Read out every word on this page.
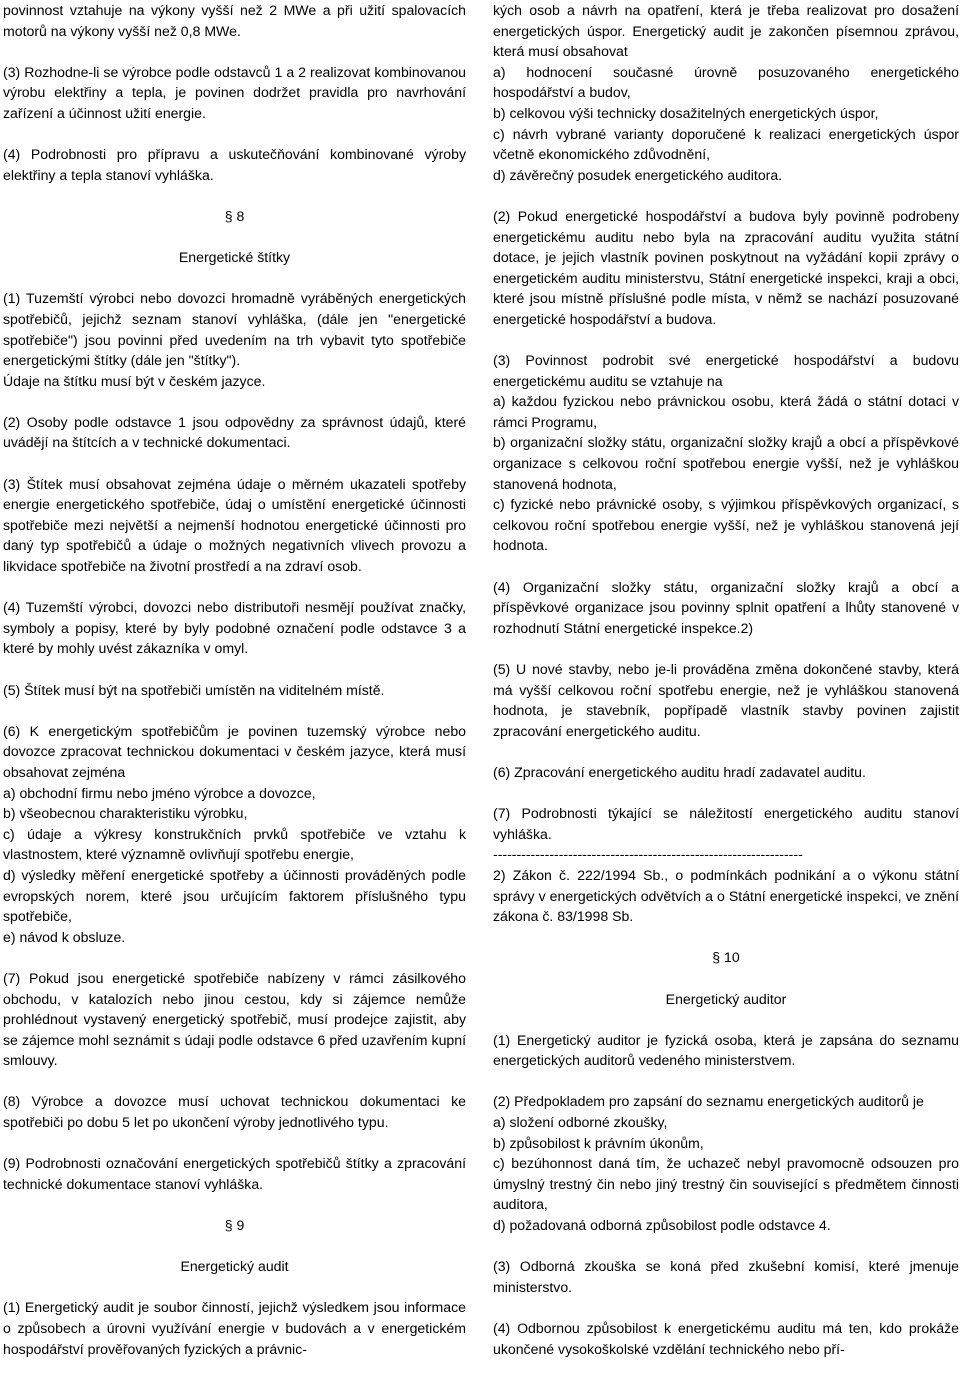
povinnost vztahuje na výkony vyšší než 2 MWe a při užití spalovacích motorů na výkony vyšší než 0,8 MWe.

(3) Rozhodne-li se výrobce podle odstavců 1 a 2 realizovat kombinovanou výrobu elektřiny a tepla, je povinen dodržet pravidla pro navrhování zařízení a účinnost užití energie.

(4) Podrobnosti pro přípravu a uskutečňování kombinované výroby elektřiny a tepla stanoví vyhláška.

§ 8

Energetické štítky

(1) Tuzemští výrobci nebo dovozci hromadně vyráběných energetických spotřebičů, jejichž seznam stanoví vyhláška, (dále jen "energetické spotřebiče") jsou povinni před uvedením na trh vybavit tyto spotřebiče energetickými štítky (dále jen "štítky").

Údaje na štítku musí být v českém jazyce.

(2) Osoby podle odstavce 1 jsou odpovědny za správnost údajů, které uvádějí na štítcích a v technické dokumentaci.

(3) Štítek musí obsahovat zejména údaje o měrném ukazateli spotřeby energie energetického spotřebiče, údaj o umístění energetické účinnosti spotřebiče mezi největší a nejmenší hodnotou energetické účinnosti pro daný typ spotřebičů a údaje o možných negativních vlivech provozu a likvidace spotřebiče na životní prostředí a na zdraví osob.

(4) Tuzemští výrobci, dovozci nebo distributoři nesmějí používat značky, symboly a popisy, které by byly podobné označení podle odstavce 3 a které by mohly uvést zákazníka v omyl.

(5) Štítek musí být na spotřebiči umístěn na viditelném místě.

(6) K energetickým spotřebičům je povinen tuzemský výrobce nebo dovozce zpracovat technickou dokumentaci v českém jazyce, která musí obsahovat zejména

a) obchodní firmu nebo jméno výrobce a dovozce,

b) všeobecnou charakteristiku výrobku,

c) údaje a výkresy konstrukčních prvků spotřebiče ve vztahu k vlastnostem, které významně ovlivňují spotřebu energie,

d) výsledky měření energetické spotřeby a účinnosti prováděných podle evropských norem, které jsou určujícím faktorem příslušného typu spotřebiče,

e) návod k obsluze.

(7) Pokud jsou energetické spotřebiče nabízeny v rámci zásilkového obchodu, v katalozích nebo jinou cestou, kdy si zájemce nemůže prohlédnout vystavený energetický spotřebič, musí prodejce zajistit, aby se zájemce mohl seznámit s údaji podle odstavce 6 před uzavřením kupní smlouvy.

(8) Výrobce a dovozce musí uchovat technickou dokumentaci ke spotřebiči po dobu 5 let po ukončení výroby jednotlivého typu.

(9) Podrobnosti označování energetických spotřebičů štítky a zpracování technické dokumentace stanoví vyhláška.

§ 9

Energetický audit

(1) Energetický audit je soubor činností, jejichž výsledkem jsou informace o způsobech a úrovni využívání energie v budovách a v energetickém hospodářství prověřovaných fyzických a právnic-

kých osob a návrh na opatření, která je třeba realizovat pro dosažení energetických úspor. Energetický audit je zakončen písemnou zprávou, která musí obsahovat

a) hodnocení současné úrovně posuzovaného energetického hospodářství a budov,

b) celkovou výši technicky dosažitelných energetických úspor,

c) návrh vybrané varianty doporučené k realizaci energetických úspor včetně ekonomického zdůvodnění,

d) závěrečný posudek energetického auditora.

(2) Pokud energetické hospodářství a budova byly povinně podrobeny energetickému auditu nebo byla na zpracování auditu využita státní dotace, je jejich vlastník povinen poskytnout na vyžádání kopii zprávy o energetickém auditu ministerstvu, Státní energetické inspekci, kraji a obci, které jsou místně příslušné podle místa, v němž se nachází posuzované energetické hospodářství a budova.

(3) Povinnost podrobit své energetické hospodářství a budovu energetickému auditu se vztahuje na

a) každou fyzickou nebo právnickou osobu, která žádá o státní dotaci v rámci Programu,

b) organizační složky státu, organizační složky krajů a obcí a příspěvkové organizace s celkovou roční spotřebou energie vyšší, než je vyhláškou stanovená hodnota,

c) fyzické nebo právnické osoby, s výjimkou příspěvkových organizací, s celkovou roční spotřebou energie vyšší, než je vyhláškou stanovená její hodnota.

(4) Organizační složky státu, organizační složky krajů a obcí a příspěvkové organizace jsou povinny splnit opatření a lhůty stanovené v rozhodnutí Státní energetické inspekce.2)

(5) U nové stavby, nebo je-li prováděna změna dokončené stavby, která má vyšší celkovou roční spotřebu energie, než je vyhláškou stanovená hodnota, je stavebník, popřípadě vlastník stavby povinen zajistit zpracování energetického auditu.

(6) Zpracování energetického auditu hradí zadavatel auditu.

(7) Podrobnosti týkající se náležitostí energetického auditu stanoví vyhláška.

------------------------------------------------------------------

2) Zákon č. 222/1994 Sb., o podmínkách podnikání a o výkonu státní správy v energetických odvětvích a o Státní energetické inspekci, ve znění zákona č. 83/1998 Sb.

§ 10

Energetický auditor

(1) Energetický auditor je fyzická osoba, která je zapsána do seznamu energetických auditorů vedeného ministerstvem.

(2) Předpokladem pro zapsání do seznamu energetických auditorů je

a) složení odborné zkoušky,

b) způsobilost k právním úkonům,

c) bezúhonnost daná tím, že uchazeč nebyl pravomocně odsouzen pro úmyslný trestný čin nebo jiný trestný čin související s předmětem činnosti auditora,

d) požadovaná odborná způsobilost podle odstavce 4.

(3) Odborná zkouška se koná před zkušební komisí, které jmenuje ministerstvo.

(4) Odbornou způsobilost k energetickému auditu má ten, kdo prokáže ukončené vysokoškolské vzdělání technického nebo pří-
